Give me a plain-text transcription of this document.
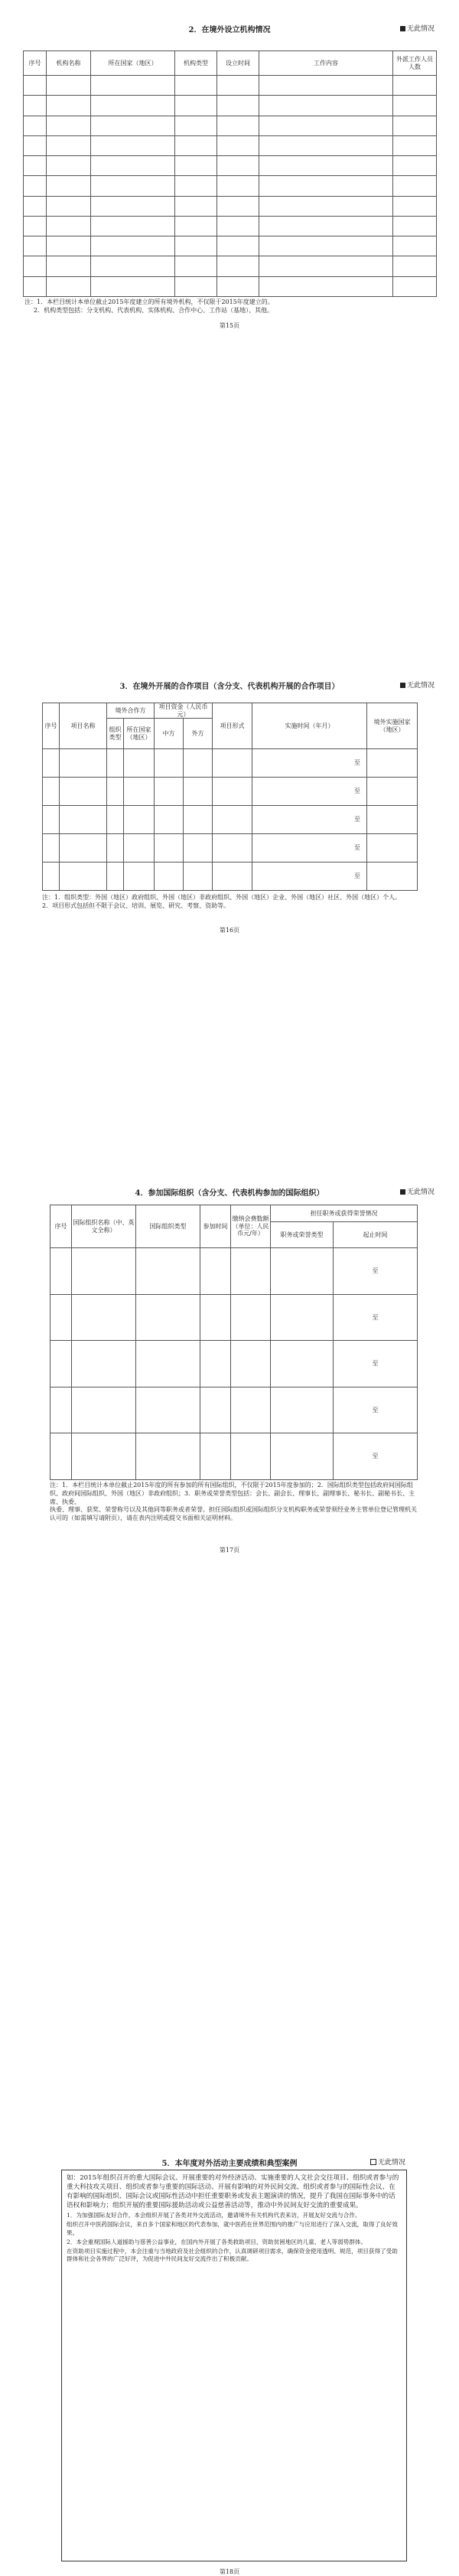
2．在境外设立机构情况	无此情况
序号	机构名称	所在国家（地区）	机构类型	设立时间	工作内容	外派工作人员人数

注：1．本栏目统计本单位截止2015年度建立的所有境外机构，不仅限于2015年度建立的。
2．机构类型包括：分支机构、代表机构、实体机构、合作中心、工作站（基地）、其他。
第15页
3．在境外开展的合作项目（含分支、代表机构开展的合作项目）	无此情况
序号	项目名称	境外合作方		项目资金（人民币元）		项目形式	实施时间（年月）	境外实施国家（地区）
		组织类型	所在国家（地区）	中方	外方			

							至	
							至	
							至	
							至	
							至	
注：1．组织类型：外国（地区）政府组织、外国（地区）非政府组织、外国（地区）企业、外国（地区）社区、外国（地区）个人。
2．项目形式包括但不限于会议、培训、展览、研究、考察、资助等。
第16页
4．参加国际组织（含分支、代表机构参加的国际组织）	无此情况
序号	国际组织名称（中、英文全称）	国际组织类型	参加时间	缴纳会费数额（单位：人民币元/年）	担任职务或获得荣誉情况	
					职务或荣誉类型	起止时间
						至
						至
						至
						至
						至
注：1．本栏目统计本单位截止2015年度的所有参加的所有国际组织，不仅限于2015年度参加的；2．国际组织类型包括政府间国际组织、政府间国际组织、外国（地区）非政府组织；3．职务或荣誉类型包括：会长、副会长、理事长、副理事长、秘书长、副秘书长、主席、执委、
执委、理事、获奖、荣誉称号以及其他同等职务或者荣誉。担任国际组织或国际组织分支机构职务或荣誉须经业务主管单位登记管理机关认可的（如需填写请附页），请在表内注明或提交书面相关证明材料。
第17页
5．本年度对外活动主要成绩和典型案例	无此情况

如：2015年组织召开的重大国际会议、开展重要的对外经济活动、实施重要的人文社会交往项目、组织或者参与的重大科技攻关项目、组织或者参与重要的国际活动、开展有影响的对外民间交流、组织或者参与的国际性会议、在有影响的国际组织、国际会议或国际性活动中担任重要职务或发表主题演讲的情况，提升了我国在国际事务中的话语权和影响力；组织开展的重要国际援助活动或公益慈善活动等，推动中外民间友好交流的重要成果。

1．为加强国际友好合作，本会组织开展了各类对外交流活动，邀请境外有关机构代表来访，开展友好交流与合作。

组织召开中医药国际会议，来自多个国家和地区的代表参加，就中医药在世界范围内的推广与应用进行了深入交流，取得了良好效果。

2．本会重视国际人道援助与慈善公益事业，在国内外开展了各类救助项目，资助贫困地区的儿童、老人等弱势群体。

在资助项目实施过程中，本会注重与当地政府及社会组织的合作，认真调研项目需求，确保资金使用透明、规范，项目获得了受助群体和社会各界的广泛好评，为促进中外民间友好交流作出了积极贡献。

第18页
